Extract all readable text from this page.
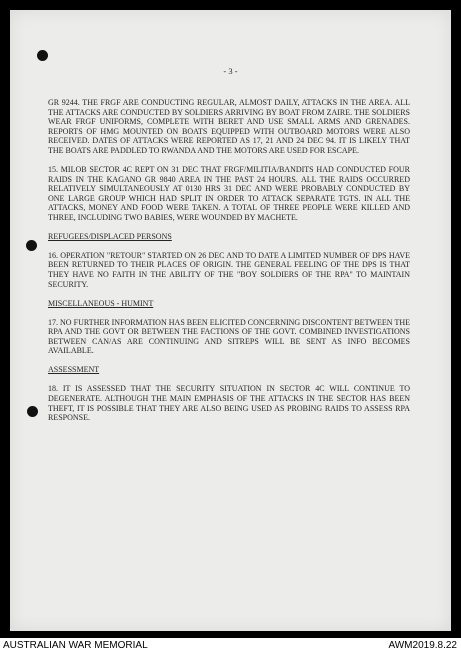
- 3 -

GR 9244. THE FRGF ARE CONDUCTING REGULAR, ALMOST DAILY, ATTACKS IN THE AREA. ALL THE ATTACKS ARE CONDUCTED BY SOLDIERS ARRIVING BY BOAT FROM ZAIRE. THE SOLDIERS WEAR FRGF UNIFORMS, COMPLETE WITH BERET AND USE SMALL ARMS AND GRENADES. REPORTS OF HMG MOUNTED ON BOATS EQUIPPED WITH OUTBOARD MOTORS WERE ALSO RECEIVED. DATES OF ATTACKS WERE REPORTED AS 17, 21 AND 24 DEC 94. IT IS LIKELY THAT THE BOATS ARE PADDLED TO RWANDA AND THE MOTORS ARE USED FOR ESCAPE.

15. MILOB SECTOR 4C REPT ON 31 DEC THAT FRGF/MILITIA/BANDITS HAD CONDUCTED FOUR RAIDS IN THE KAGANO GR 9840 AREA IN THE PAST 24 HOURS. ALL THE RAIDS OCCURRED RELATIVELY SIMULTANEOUSLY AT 0130 HRS 31 DEC AND WERE PROBABLY CONDUCTED BY ONE LARGE GROUP WHICH HAD SPLIT IN ORDER TO ATTACK SEPARATE TGTS. IN ALL THE ATTACKS, MONEY AND FOOD WERE TAKEN. A TOTAL OF THREE PEOPLE WERE KILLED AND THREE, INCLUDING TWO BABIES, WERE WOUNDED BY MACHETE.

REFUGEES/DISPLACED PERSONS

16. OPERATION "RETOUR" STARTED ON 26 DEC AND TO DATE A LIMITED NUMBER OF DPS HAVE BEEN RETURNED TO THEIR PLACES OF ORIGIN. THE GENERAL FEELING OF THE DPS IS THAT THEY HAVE NO FAITH IN THE ABILITY OF THE "BOY SOLDIERS OF THE RPA" TO MAINTAIN SECURITY.

MISCELLANEOUS - HUMINT

17. NO FURTHER INFORMATION HAS BEEN ELICITED CONCERNING DISCONTENT BETWEEN THE RPA AND THE GOVT OR BETWEEN THE FACTIONS OF THE GOVT. COMBINED INVESTIGATIONS BETWEEN CAN/AS ARE CONTINUING AND SITREPS WILL BE SENT AS INFO BECOMES AVAILABLE.

ASSESSMENT

18. IT IS ASSESSED THAT THE SECURITY SITUATION IN SECTOR 4C WILL CONTINUE TO DEGENERATE. ALTHOUGH THE MAIN EMPHASIS OF THE ATTACKS IN THE SECTOR HAS BEEN THEFT, IT IS POSSIBLE THAT THEY ARE ALSO BEING USED AS PROBING RAIDS TO ASSESS RPA RESPONSE.

AUSTRALIAN WAR MEMORIAL	AWM2019.8.22
